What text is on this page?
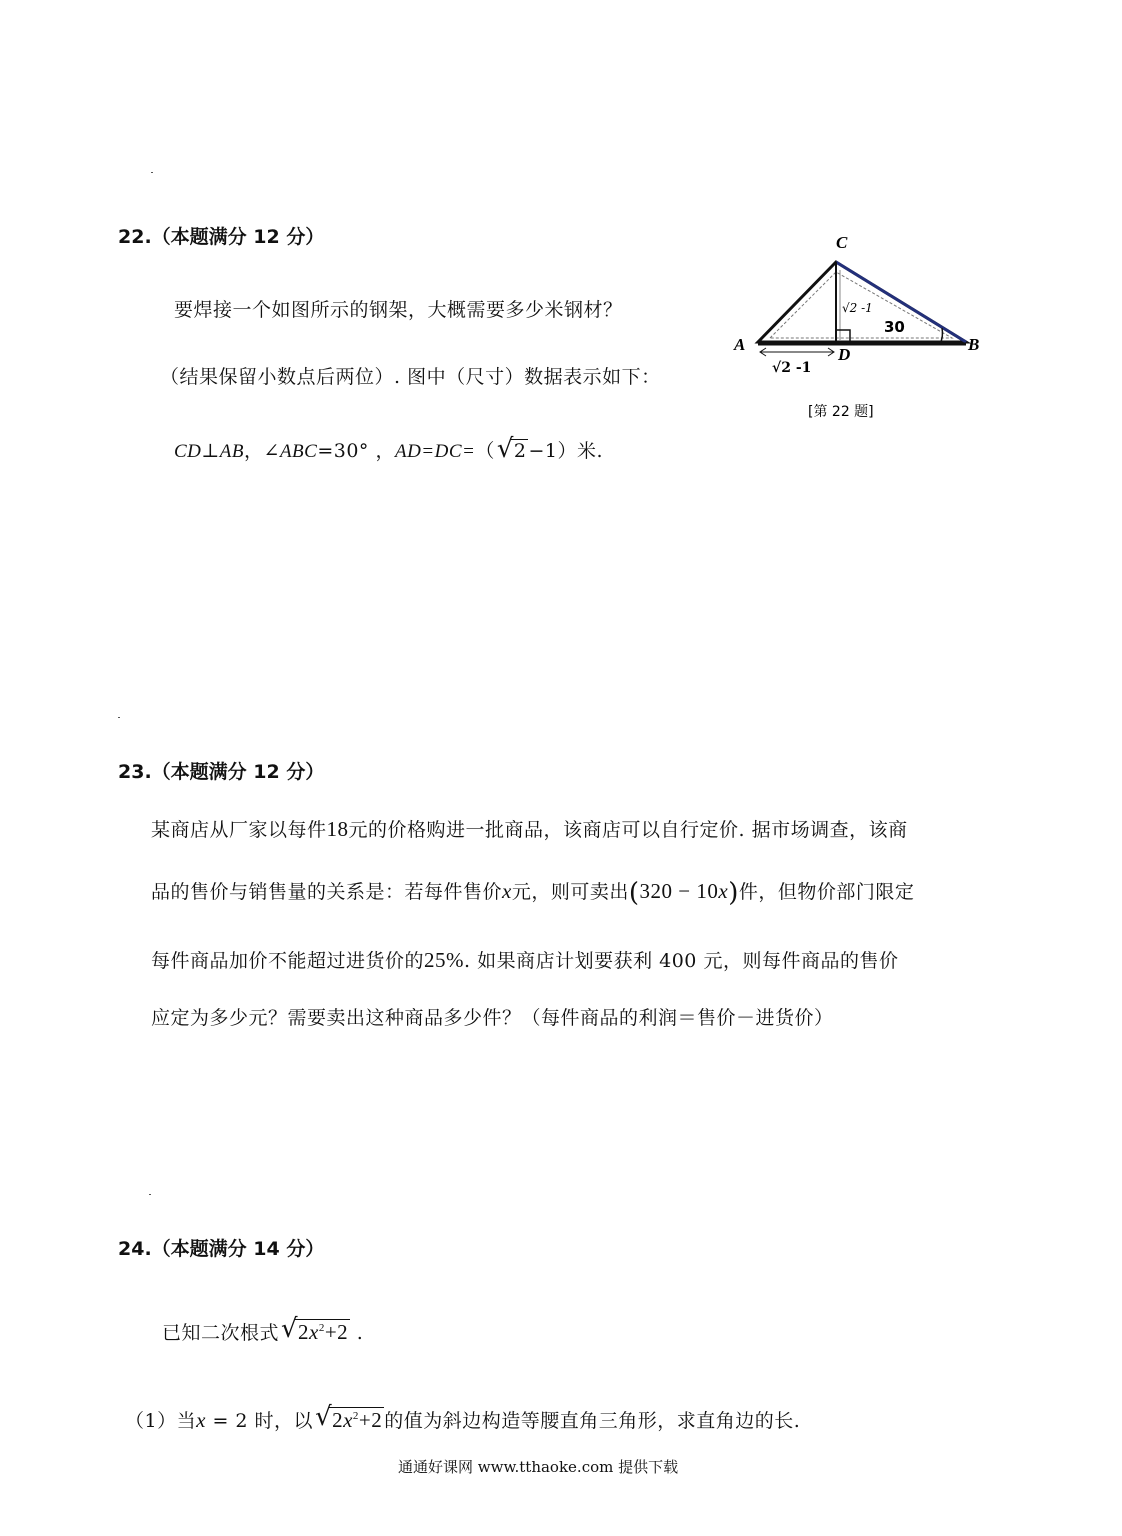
22.（本题满分 12 分）
要焊接一个如图所示的钢架，大概需要多少米钢材？
（结果保留小数点后两位）. 图中（尺寸）数据表示如下：
CD⊥AB，∠ABC=30° ，AD=DC=（ √ 2 −1）米.
C
A	B
D
√2 -1
√2 -1
30
[第 22 题]
23.（本题满分 12 分）
某商店从厂家以每件18元的价格购进一批商品，该商店可以自行定价. 据市场调查，该商
品的售价与销售量的关系是：若每件售价x元，则可卖出(320 − 10x)件，但物价部门限定
每件商品加价不能超过进货价的25%. 如果商店计划要获利 400 元，则每件商品的售价
应定为多少元？需要卖出这种商品多少件？（每件商品的利润＝售价－进货价）
24.（本题满分 14 分）
已知二次根式 √ $2x^2+2$ .
（1）当x = 2 时，以 √ $2x^2+2$ 的值为斜边构造等腰直角三角形，求直角边的长.
通通好课网 www.tthaoke.com 提供下载
